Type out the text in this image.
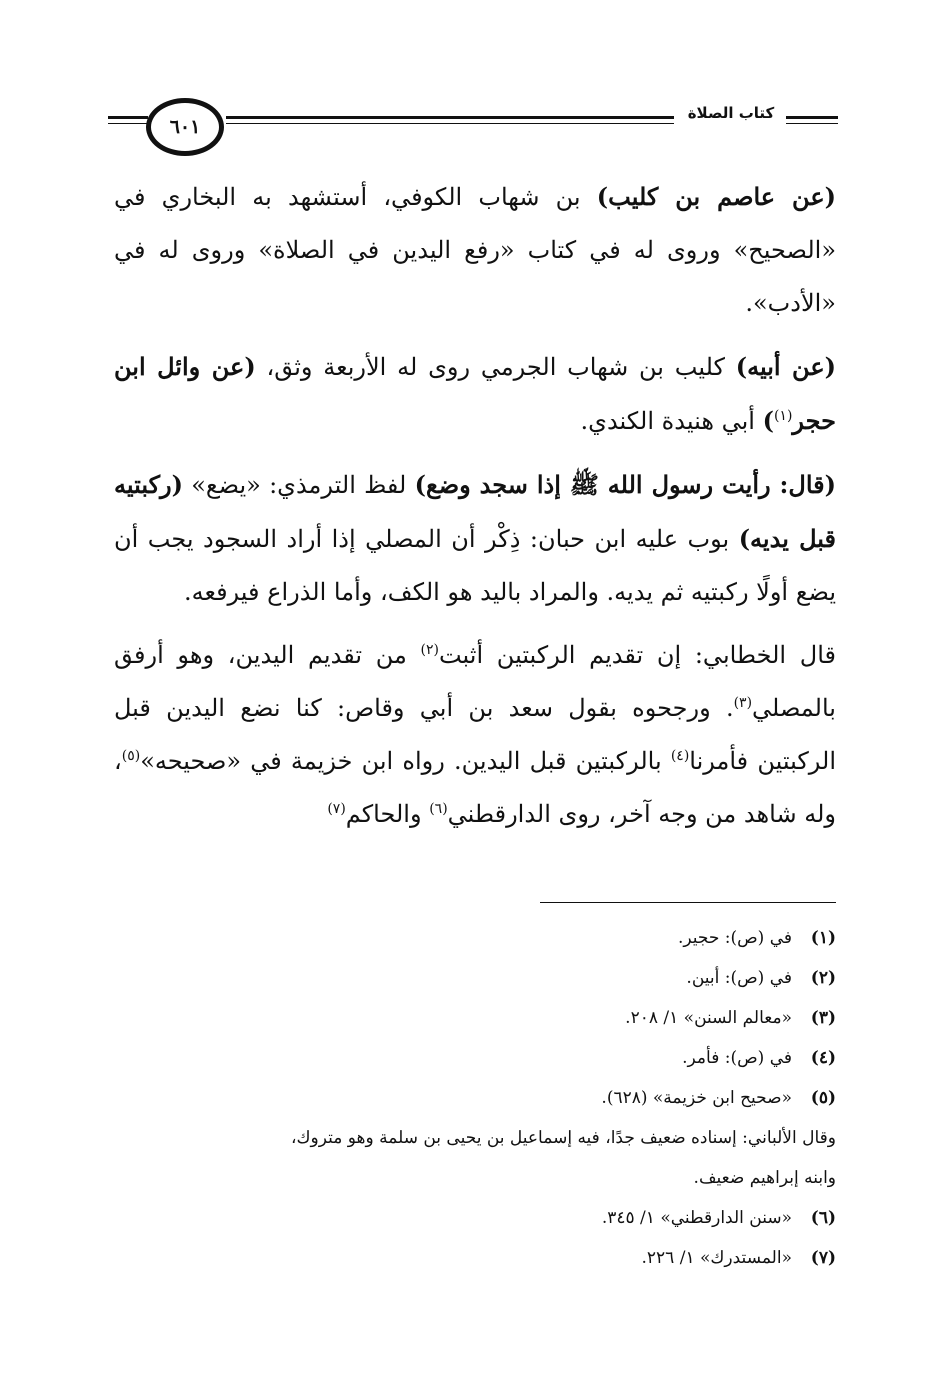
٦٠١
كتاب الصلاة

(عن عاصم بن كليب) بن شهاب الكوفي، أستشهد به البخاري في «الصحيح» وروى له في كتاب «رفع اليدين في الصلاة» وروى له في «الأدب».

(عن أبيه) كليب بن شهاب الجرمي روى له الأربعة وثق، (عن وائل ابن حجر$^{(١)}$) أبي هنيدة الكندي.

(قال: رأيت رسول الله ﷺ إذا سجد وضع) لفظ الترمذي: «يضع» (ركبتيه قبل يديه) بوب عليه ابن حبان: ذِكْر أن المصلي إذا أراد السجود يجب أن يضع أولًا ركبتيه ثم يديه. والمراد باليد هو الكف، وأما الذراع فيرفعه.

قال الخطابي: إن تقديم الركبتين أثبت$^{(٢)}$ من تقديم اليدين، وهو أرفق بالمصلي$^{(٣)}$. ورجحوه بقول سعد بن أبي وقاص: كنا نضع اليدين قبل الركبتين فأمرنا$^{(٤)}$ بالركبتين قبل اليدين. رواه ابن خزيمة في «صحيحه»$^{(٥)}$، وله شاهد من وجه آخر، روى الدارقطني$^{(٦)}$ والحاكم$^{(٧)}$

(١)في (ص): حجير.
(٢)في (ص): أبين.
(٣)«معالم السنن» ١/ ٢٠٨.
(٤)في (ص): فأمر.
(٥)«صحيح ابن خزيمة» (٦٢٨).
وقال الألباني: إسناده ضعيف جدًا، فيه إسماعيل بن يحيى بن سلمة وهو متروك،
وابنه إبراهيم ضعيف.
(٦)«سنن الدارقطني» ١/ ٣٤٥.
(٧)«المستدرك» ١/ ٢٢٦.
